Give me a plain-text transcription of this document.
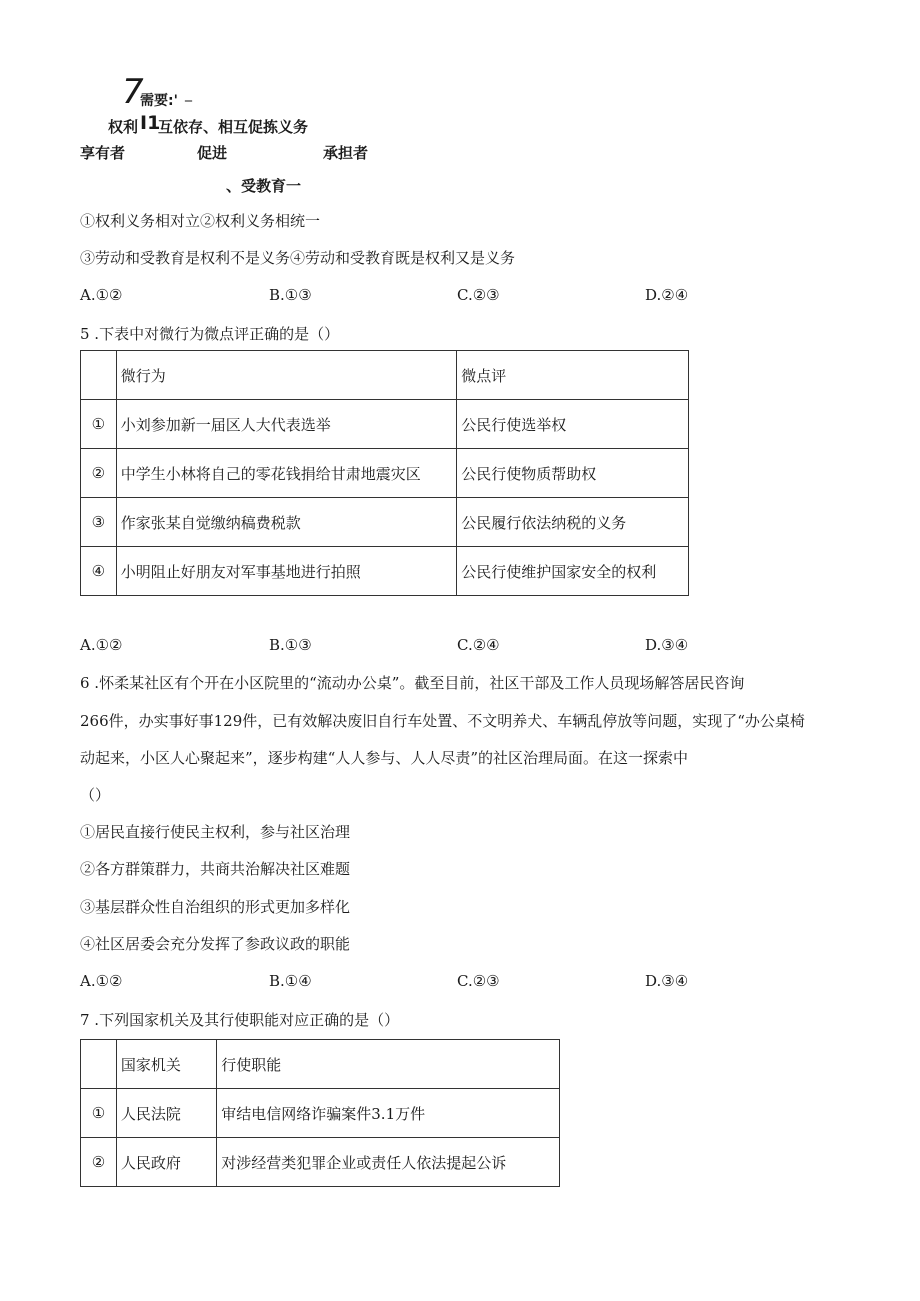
7
需要:' _
权利 I1
互依存、相互促拣义务
享有者	促进	承担者
、受教育一
①权利义务相对立②权利义务相统一
③劳动和受教育是权利不是义务④劳动和受教育既是权利又是义务
A.①②	B.①③	C.②③	D.②④
5 .下表中对微行为微点评正确的是（）
	微行为	微点评
①	小刘参加新一届区人大代表选举	公民行使选举权
②	中学生小林将自己的零花钱捐给甘肃地震灾区	公民行使物质帮助权
③	作家张某自觉缴纳稿费税款	公民履行依法纳税的义务
④	小明阻止好朋友对军事基地进行拍照	公民行使维护国家安全的权利
A.①②	B.①③	C.②④	D.③④
6 .怀柔某社区有个开在小区院里的“流动办公桌”。截至目前，社区干部及工作人员现场解答居民咨询
266件，办实事好事129件，已有效解决废旧自行车处置、不文明养犬、车辆乱停放等问题，实现了“办公桌椅
动起来，小区人心聚起来”，逐步构建“人人参与、人人尽责”的社区治理局面。在这一探索中
（）
①居民直接行使民主权利，参与社区治理
②各方群策群力，共商共治解决社区难题
③基层群众性自治组织的形式更加多样化
④社区居委会充分发挥了参政议政的职能
A.①②	B.①④	C.②③	D.③④
7 .下列国家机关及其行使职能对应正确的是（）
	国家机关	行使职能
①	人民法院	审结电信网络诈骗案件3.1万件
②	人民政府	对涉经营类犯罪企业或责任人依法提起公诉
